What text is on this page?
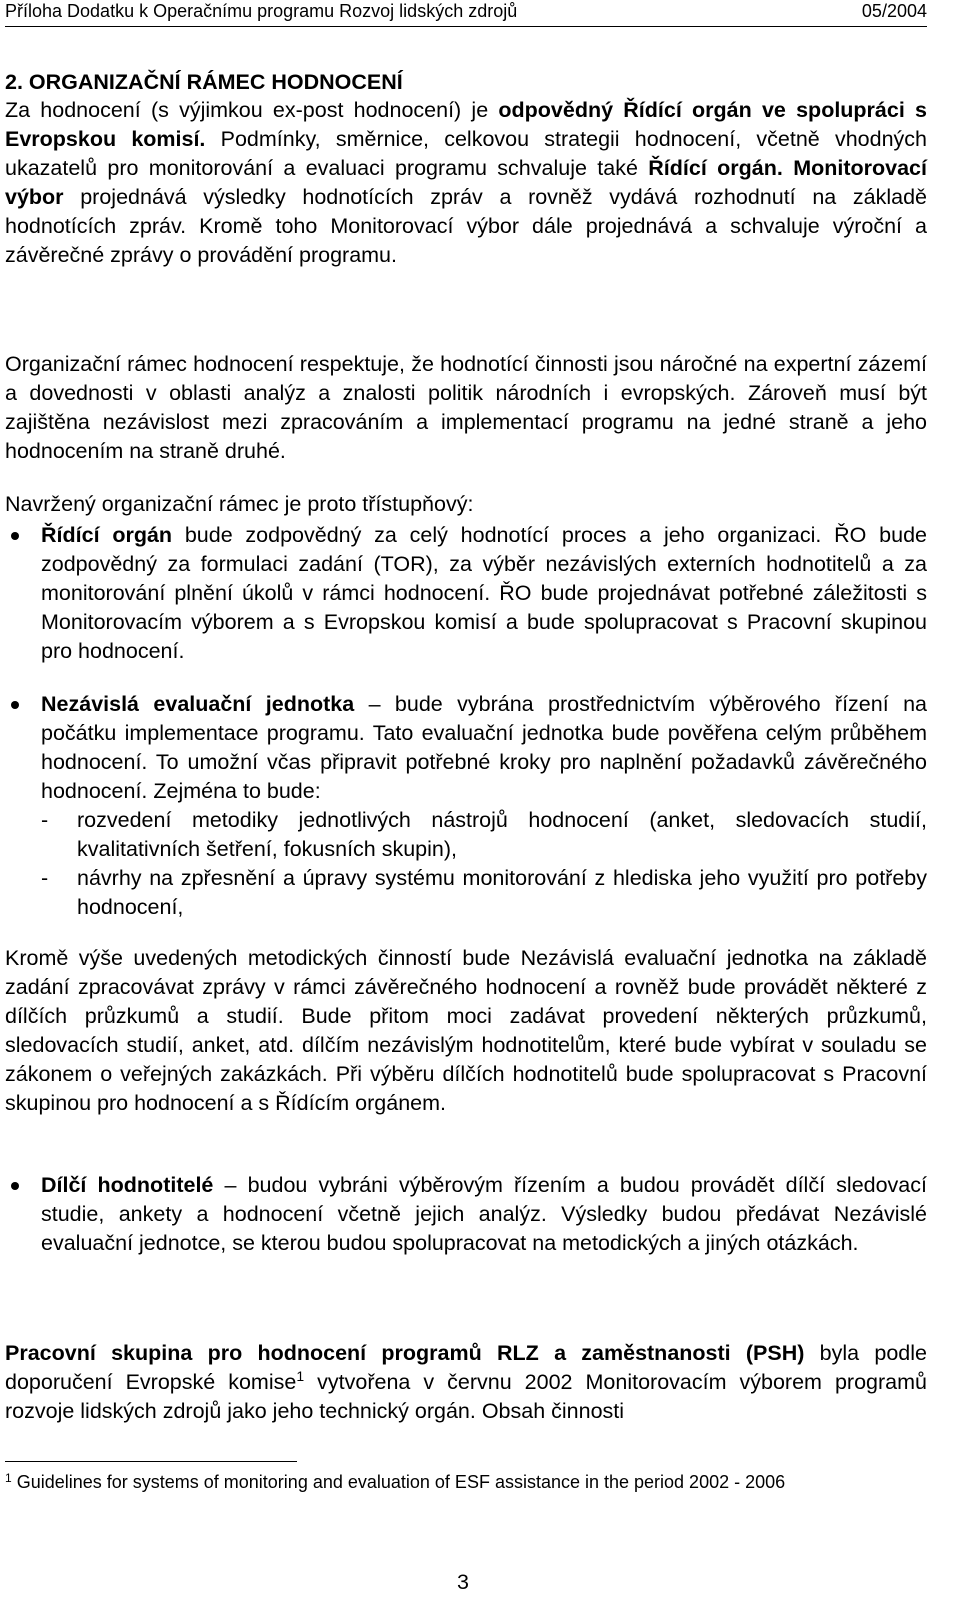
Příloha Dodatku k Operačnímu programu Rozvoj lidských zdrojů	05/2004
2. ORGANIZAČNÍ RÁMEC HODNOCENÍ

Za hodnocení (s výjimkou ex-post hodnocení) je odpovědný Řídící orgán ve spolupráci s Evropskou komisí. Podmínky, směrnice, celkovou strategii hodnocení, včetně vhodných ukazatelů pro monitorování a evaluaci programu schvaluje také Řídící orgán. Monitorovací výbor projednává výsledky hodnotících zpráv a rovněž vydává rozhodnutí na základě hodnotících zpráv. Kromě toho Monitorovací výbor dále projednává a schvaluje výroční a závěrečné zprávy o provádění programu.

Organizační rámec hodnocení respektuje, že hodnotící činnosti jsou náročné na expertní zázemí a dovednosti v oblasti analýz a znalosti politik národních i evropských. Zároveň musí být zajištěna nezávislost mezi zpracováním a implementací programu na jedné straně a jeho hodnocením na straně druhé.

Navržený organizační rámec je proto třístupňový:

Řídící orgán bude zodpovědný za celý hodnotící proces a jeho organizaci. ŘO bude zodpovědný za formulaci zadání (TOR), za výběr nezávislých externích hodnotitelů a za monitorování plnění úkolů v rámci hodnocení. ŘO bude projednávat potřebné záležitosti s Monitorovacím výborem a s Evropskou komisí a bude spolupracovat s Pracovní skupinou pro hodnocení.

Nezávislá evaluační jednotka – bude vybrána prostřednictvím výběrového řízení na počátku implementace programu. Tato evaluační jednotka bude pověřena celým průběhem hodnocení. To umožní včas připravit potřebné kroky pro naplnění požadavků závěrečného hodnocení. Zejména to bude:
- rozvedení metodiky jednotlivých nástrojů hodnocení (anket, sledovacích studií, kvalitativních šetření, fokusních skupin),
- návrhy na zpřesnění a úpravy systému monitorování z hlediska jeho využití pro potřeby hodnocení,

Kromě výše uvedených metodických činností bude Nezávislá evaluační jednotka na základě zadání zpracovávat zprávy v rámci závěrečného hodnocení a rovněž bude provádět některé z dílčích průzkumů a studií. Bude přitom moci zadávat provedení některých průzkumů, sledovacích studií, anket, atd. dílčím nezávislým hodnotitelům, které bude vybírat v souladu se zákonem o veřejných zakázkách. Při výběru dílčích hodnotitelů bude spolupracovat s Pracovní skupinou pro hodnocení a s Řídícím orgánem.

Dílčí hodnotitelé – budou vybráni výběrovým řízením a budou provádět dílčí sledovací studie, ankety a hodnocení včetně jejich analýz. Výsledky budou předávat Nezávislé evaluační jednotce, se kterou budou spolupracovat na metodických a jiných otázkách.

Pracovní skupina pro hodnocení programů RLZ a zaměstnanosti (PSH) byla podle doporučení Evropské komise$^1$ vytvořena v červnu 2002 Monitorovacím výborem programů rozvoje lidských zdrojů jako jeho technický orgán. Obsah činnosti

$^1$ Guidelines for systems of monitoring and evaluation of ESF assistance in the period 2002 - 2006
3
